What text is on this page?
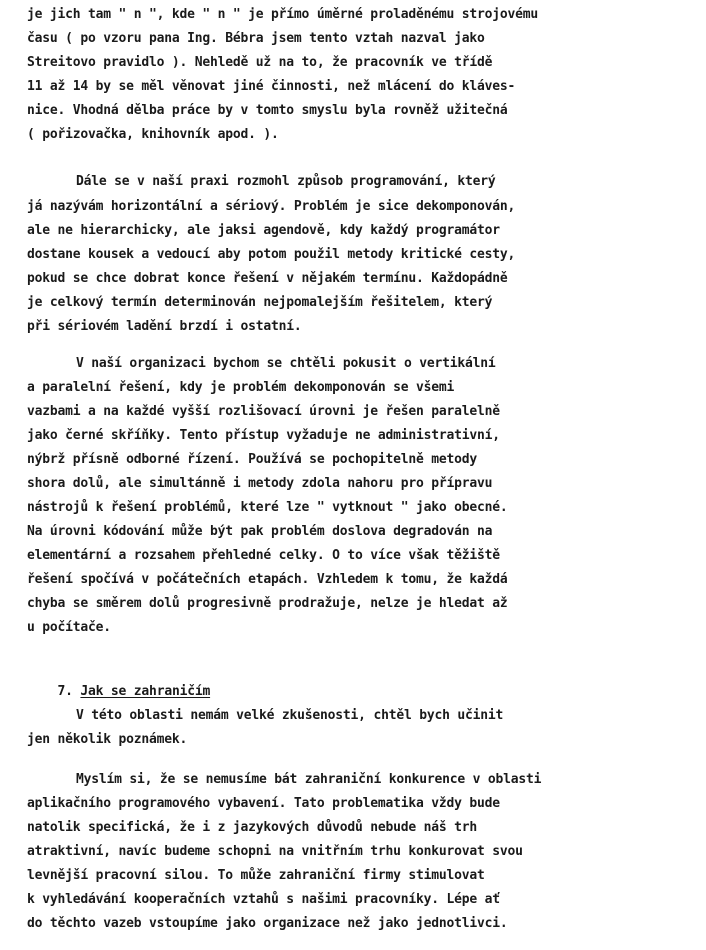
je jich tam " n ", kde " n " je přímo úměrné proladěnému strojovému
času ( po vzoru pana Ing. Bébra jsem tento vztah nazval jako
Streitovo pravidlo ). Nehledě už na to, že pracovník ve třídě
11 až 14 by se měl věnovat jiné činnosti, než mlácení do kláves-
nice. Vhodná dělba práce by v tomto smyslu byla rovněž užitečná
( pořizovačka, knihovník apod. ).
Dále se v naší praxi rozmohl způsob programování, který
já nazývám horizontální a sériový. Problém je sice dekomponován,
ale ne hierarchicky, ale jaksi agendově, kdy každý programátor
dostane kousek a vedoucí aby potom použil metody kritické cesty,
pokud se chce dobrat konce řešení v nějakém termínu. Každopádně
je celkový termín determinován nejpomalejším řešitelem, který
při sériovém ladění brzdí i ostatní.
V naší organizaci bychom se chtěli pokusit o vertikální
a paralelní řešení, kdy je problém dekomponován se všemi
vazbami a na každé vyšší rozlišovací úrovni je řešen paralelně
jako černé skříňky. Tento přístup vyžaduje ne administrativní,
nýbrž přísně odborné řízení. Používá se pochopitelně metody
shora dolů, ale simultánně i metody zdola nahoru pro přípravu
nástrojů k řešení problémů, které lze " vytknout " jako obecné.
Na úrovni kódování může být pak problém doslova degradován na
elementární a rozsahem přehledné celky. O to více však těžiště
řešení spočívá v počátečních etapách. Vzhledem k tomu, že každá
chyba se směrem dolů progresivně prodražuje, nelze je hledat až
u počítače.

7. Jak se zahraničím

V této oblasti nemám velké zkušenosti, chtěl bych učinit
jen několik poznámek.
Myslím si, že se nemusíme bát zahraniční konkurence v oblasti
aplikačního programového vybavení. Tato problematika vždy bude
natolik specifická, že i z jazykových důvodů nebude náš trh
atraktivní, navíc budeme schopni na vnitřním trhu konkurovat svou
levnější pracovní silou. To může zahraniční firmy stimulovat
k vyhledávání kooperačních vztahů s našimi pracovníky. Lépe ať
do těchto vazeb vstoupíme jako organizace než jako jednotlivci.
